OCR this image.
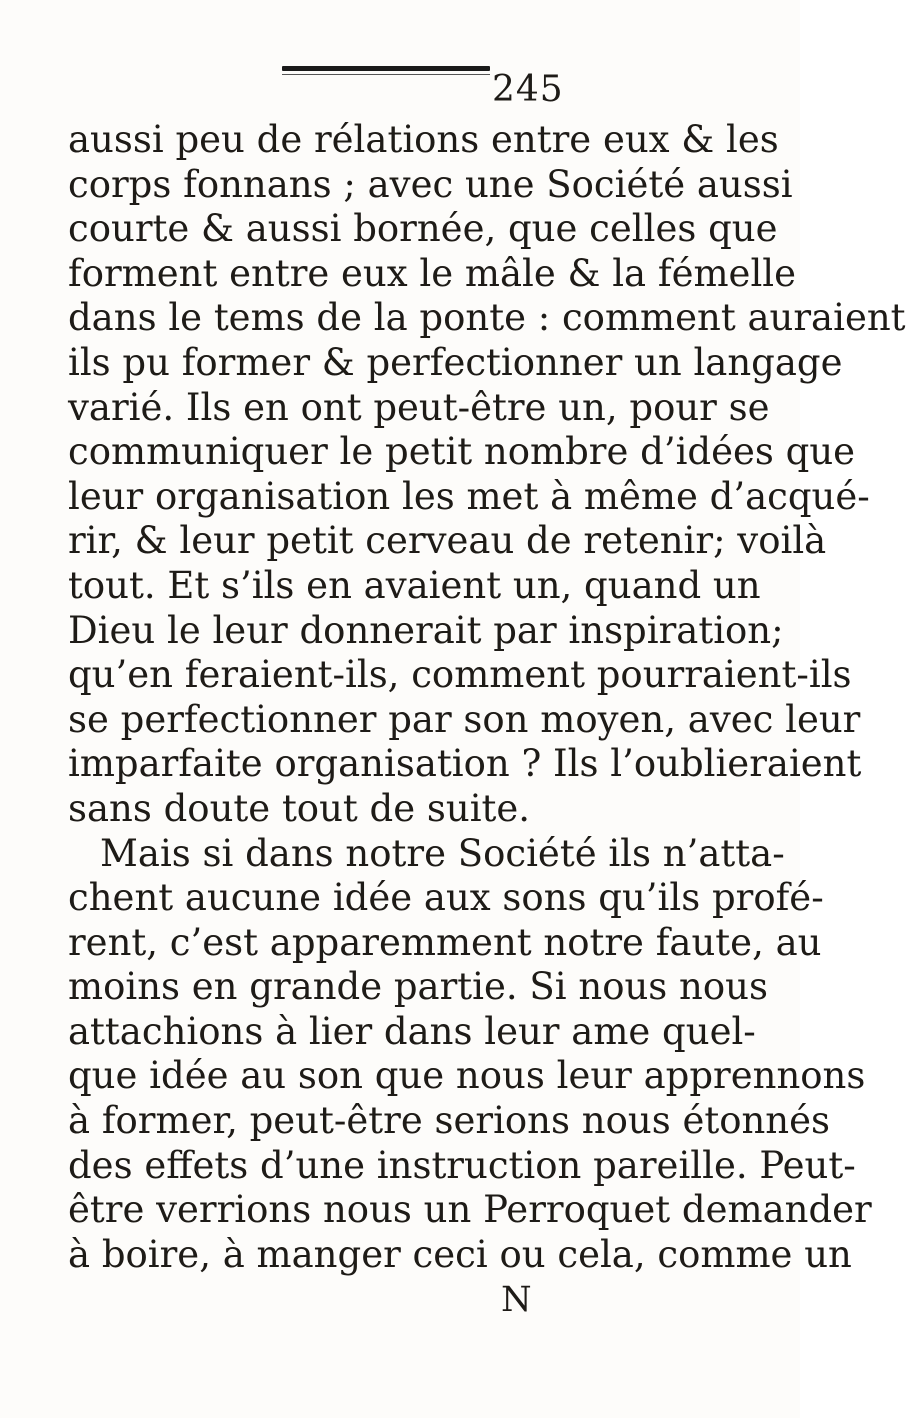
245
aussi peu de rélations entre eux & les
corps fonnans ; avec une Société aussi
courte & aussi bornée, que celles que
forment entre eux le mâle & la fémelle
dans le tems de la ponte : comment auraient
ils pu former & perfectionner un langage
varié. Ils en ont peut-être un, pour se
communiquer le petit nombre d’idées que
leur organisation les met à même d’acqué-
rir, & leur petit cerveau de retenir; voilà
tout. Et s’ils en avaient un, quand un
Dieu le leur donnerait par inspiration;
qu’en feraient-ils, comment pourraient-ils
se perfectionner par son moyen, avec leur
imparfaite organisation ? Ils l’oublieraient
sans doute tout de suite.
Mais si dans notre Société ils n’atta-
chent aucune idée aux sons qu’ils profé-
rent, c’est apparemment notre faute, au
moins en grande partie. Si nous nous
attachions à lier dans leur ame quel-
que idée au son que nous leur apprennons
à former, peut-être serions nous étonnés
des effets d’une instruction pareille. Peut-
être verrions nous un Perroquet demander
à boire, à manger ceci ou cela, comme un
N
